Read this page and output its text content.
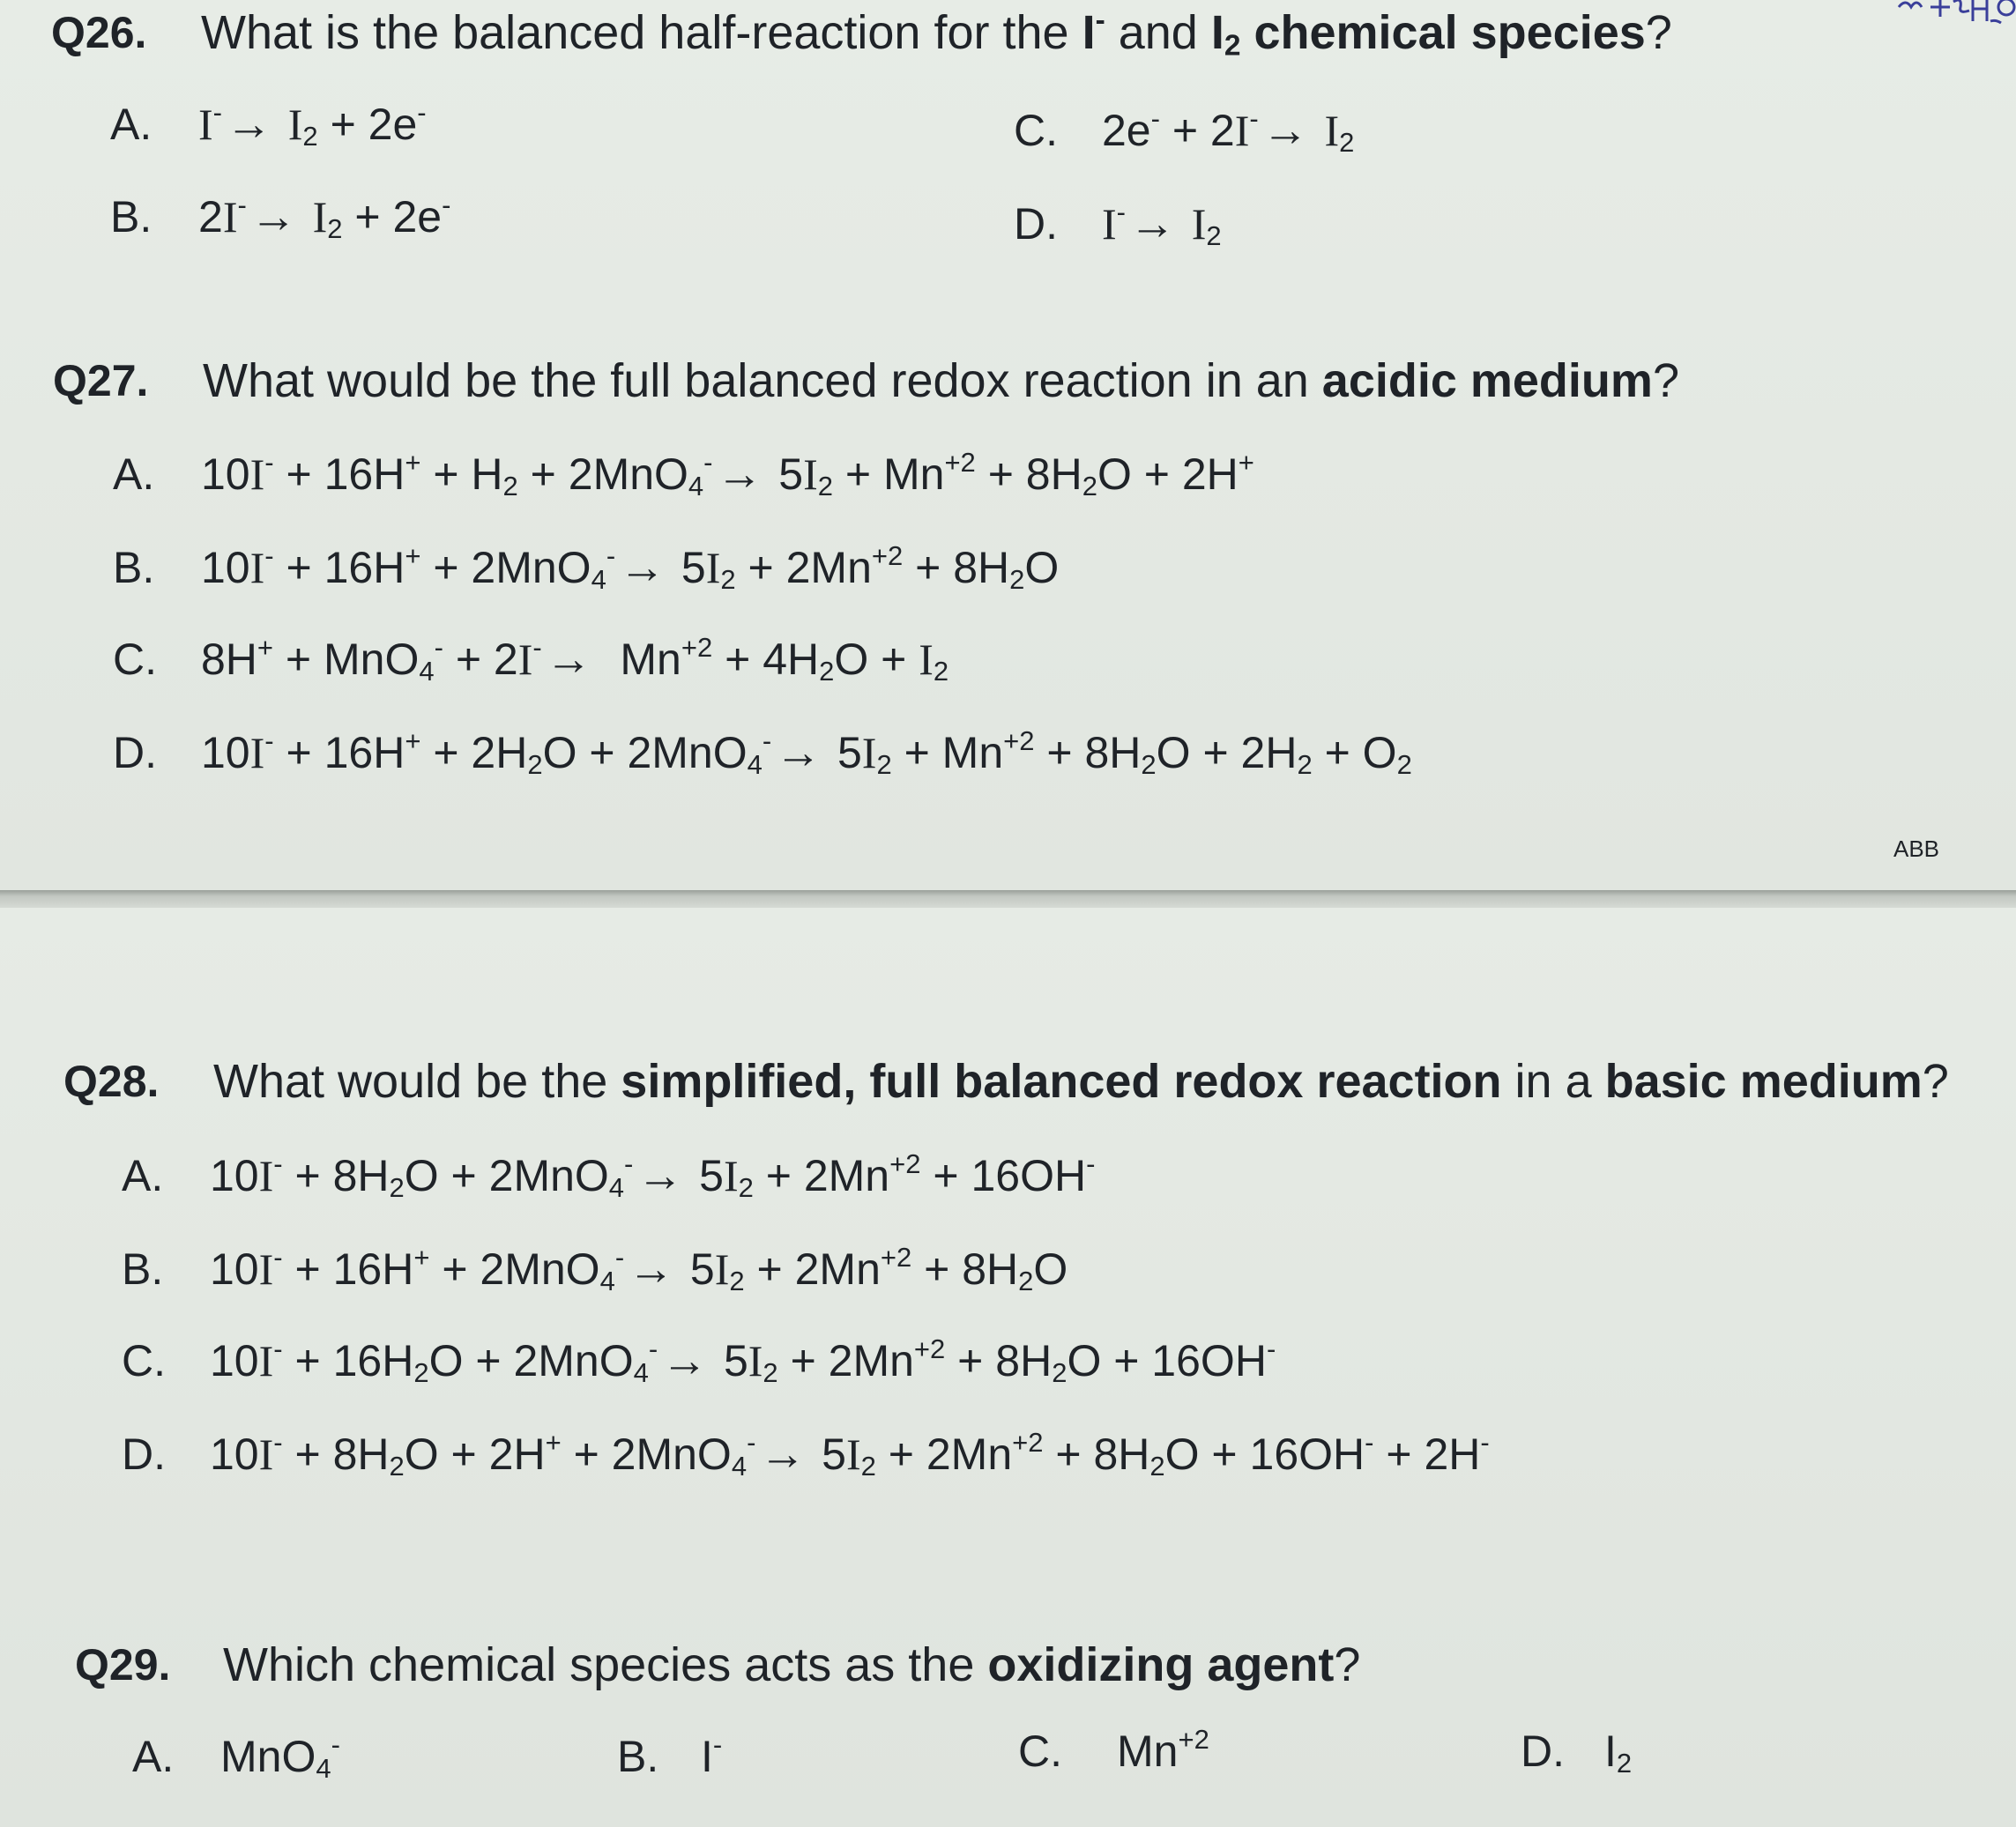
Q26. What is the balanced half-reaction for the I- and $I_2$ chemical species?
A. $I^-\to I_2 + 2e^-$
B. $2I^-\to I_2 + 2e^-$
C. $2e^- + 2I^-\to I_2$
D. $I^-\to I_2$
Q27. What would be the full balanced redox reaction in an acidic medium?
A. $10I^- + 16H^+ + H_2 + 2MnO_4^-\to 5I_2 + Mn^{+2} + 8H_2O + 2H^+$
B. $10I^- + 16H^+ + 2MnO_4^-\to 5I_2 + 2Mn^{+2} + 8H_2O$
C. $8H^+ + MnO_4^- + 2I^-\to Mn^{+2} + 4H_2O + I_2$
D. $10I^- + 16H^+ + 2H_2O + 2MnO_4^-\to 5I_2 + Mn^{+2} + 8H_2O + 2H_2 + O_2$
ABB
Q28. What would be the simplified, full balanced redox reaction in a basic medium?
A. $10I^- + 8H_2O + 2MnO_4^-\to 5I_2 + 2Mn^{+2} + 16OH^-$
B. $10I^- + 16H^+ + 2MnO_4^-\to 5I_2 + 2Mn^{+2} + 8H_2O$
C. $10I^- + 16H_2O + 2MnO_4^-\to 5I_2 + 2Mn^{+2} + 8H_2O + 16OH^-$
D. $10I^- + 8H_2O + 2H^+ + 2MnO_4^-\to 5I_2 + 2Mn^{+2} + 8H_2O + 16OH^- + 2H^-$
Q29. Which chemical species acts as the oxidizing agent?
A. MnO$_4$-	B. I-	C. $Mn^{+2}$	D. $I_2$
